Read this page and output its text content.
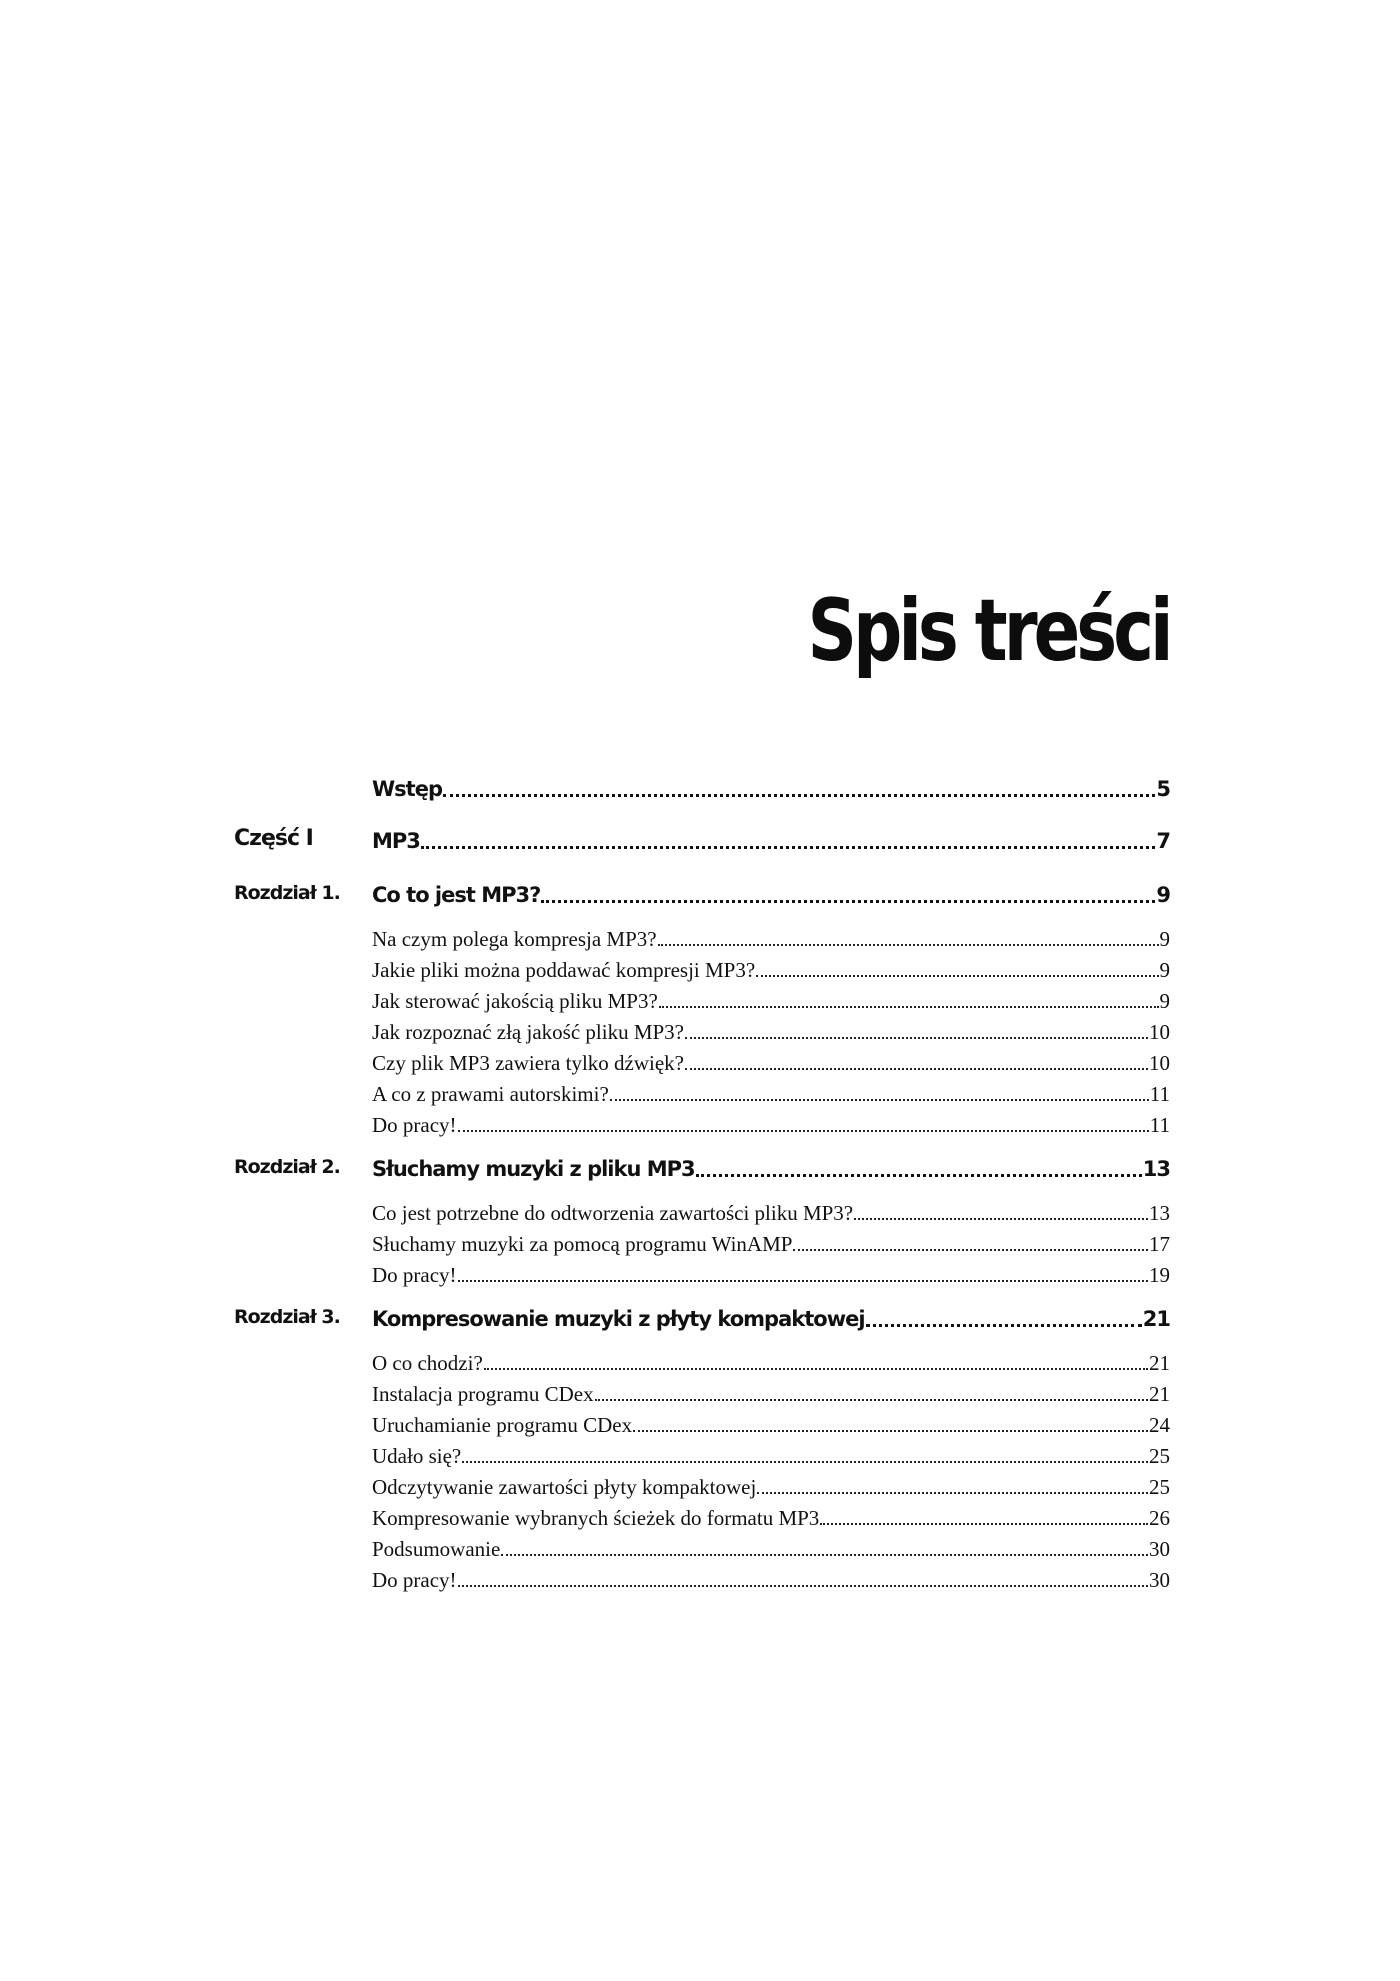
Spis treści
Wstęp	5
Część I	MP3	7
Rozdział 1. Co to jest MP3?	9
Na czym polega kompresja MP3?	9
Jakie pliki można poddawać kompresji MP3?	9
Jak sterować jakością pliku MP3?	9
Jak rozpoznać złą jakość pliku MP3?	10
Czy plik MP3 zawiera tylko dźwięk?	10
A co z prawami autorskimi?	11
Do pracy!	11
Rozdział 2. Słuchamy muzyki z pliku MP3	13
Co jest potrzebne do odtworzenia zawartości pliku MP3?	13
Słuchamy muzyki za pomocą programu WinAMP	17
Do pracy!	19
Rozdział 3. Kompresowanie muzyki z płyty kompaktowej	21
O co chodzi?	21
Instalacja programu CDex	21
Uruchamianie programu CDex	24
Udało się?	25
Odczytywanie zawartości płyty kompaktowej	25
Kompresowanie wybranych ścieżek do formatu MP3	26
Podsumowanie	30
Do pracy!	30
